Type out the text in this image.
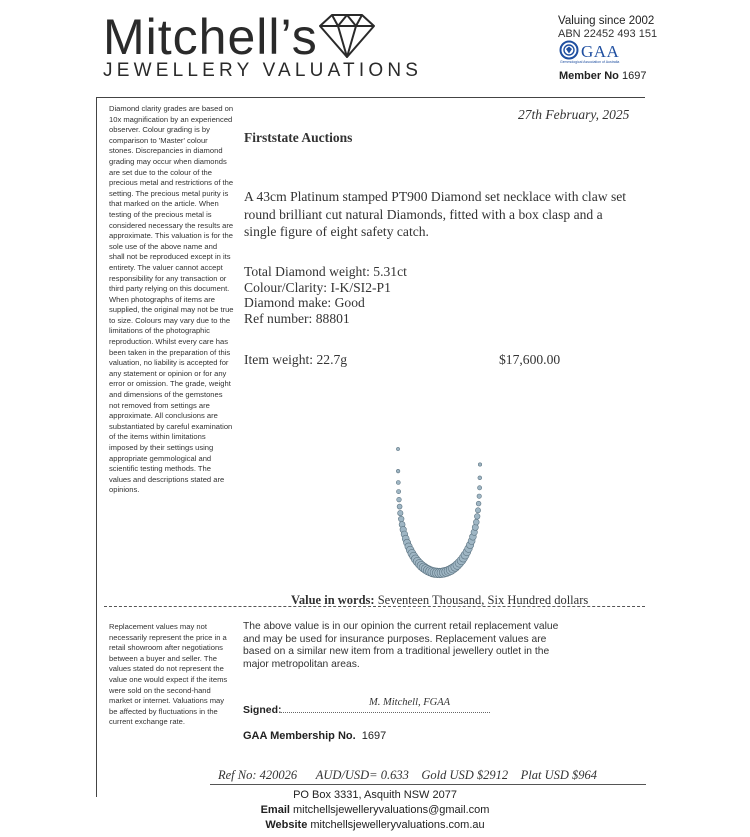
Mitchell’s
JEWELLERY VALUATIONS
Valuing since 2002
ABN 22452 493 151
GAA
Gemmological Association of Australia
Member No 1697
Diamond clarity grades are based on 10x magnification by an experienced observer. Colour grading is by comparison to 'Master' colour stones. Discrepancies in diamond grading may occur when diamonds are set due to the colour of the precious metal and restrictions of the setting. The precious metal purity is that marked on the article. When testing of the precious metal is considered necessary the results are approximate. This valuation is for the sole use of the above name and shall not be reproduced except in its entirety. The valuer cannot accept responsibility for any transaction or third party relying on this document. When photographs of items are supplied, the original may not be true to size. Colours may vary due to the limitations of the photographic reproduction. Whilst every care has been taken in the preparation of this valuation, no liability is accepted for any statement or opinion or for any error or omission. The grade, weight and dimensions of the gemstones not removed from settings are approximate. All conclusions are substantiated by careful examination of the items within limitations imposed by their settings using appropriate gemmological and scientific testing methods. The values and descriptions stated are opinions.
Replacement values may not necessarily represent the price in a retail showroom after negotiations between a buyer and seller. The values stated do not represent the value one would expect if the items were sold on the second-hand market or internet. Valuations may be affected by fluctuations in the current exchange rate.
27th February, 2025
Firststate Auctions
A 43cm Platinum stamped PT900 Diamond set necklace with claw set round brilliant cut natural Diamonds, fitted with a box clasp and a single figure of eight safety catch.
Total Diamond weight: 5.31ct
Colour/Clarity: I-K/SI2-P1
Diamond make: Good
Ref number: 88801
Item weight: 22.7g	$17,600.00
Value in words: Seventeen Thousand, Six Hundred dollars
The above value is in our opinion the current retail replacement value and may be used for insurance purposes. Replacement values are based on a similar new item from a traditional jewellery outlet in the major metropolitan areas.
Signed:
M. Mitchell, FGAA
GAA Membership No. 1697
Ref No: 420026 AUD/USD= 0.633 Gold USD $2912 Plat USD $964
PO Box 3331, Asquith NSW 2077
Email mitchellsjewelleryvaluations@gmail.com
Website mitchellsjewelleryvaluations.com.au
